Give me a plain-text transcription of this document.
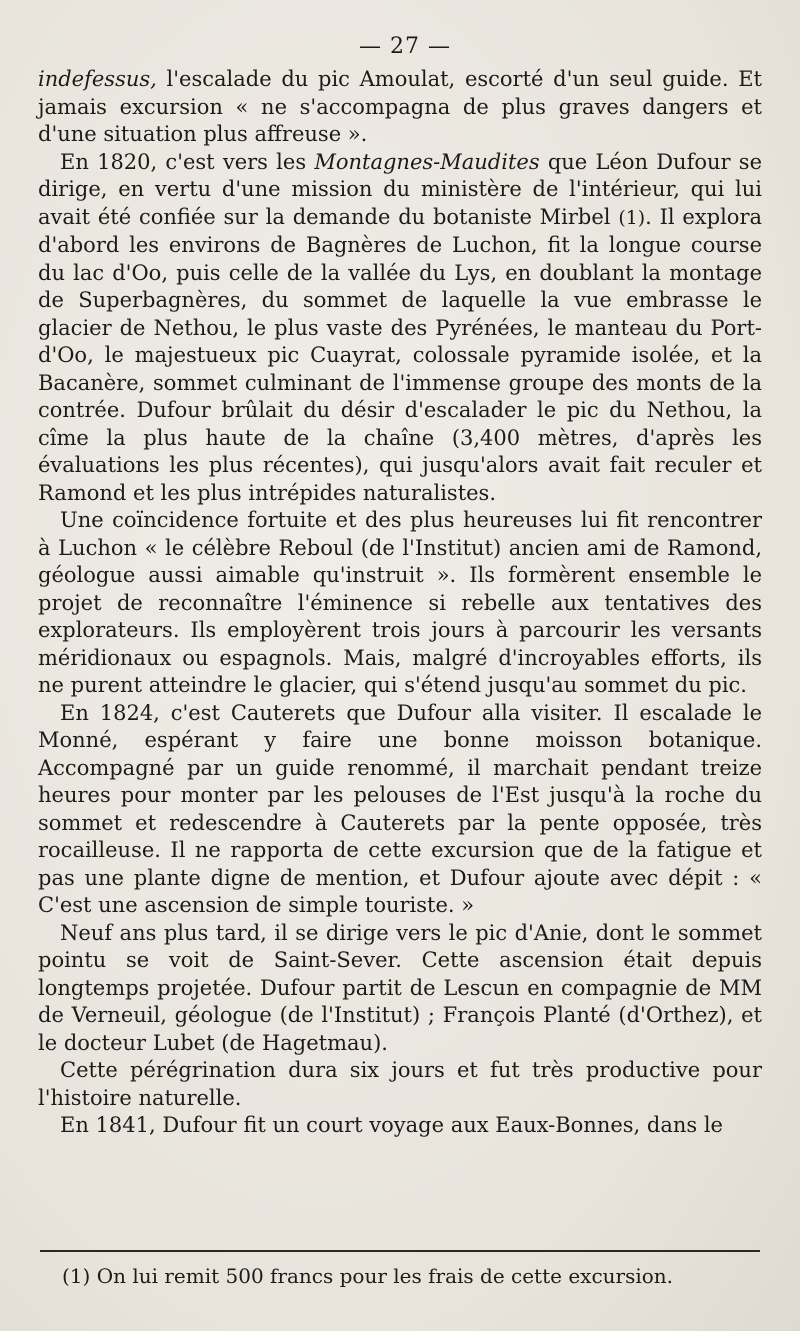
— 27 —

indefessus, l'escalade du pic Amoulat, escorté d'un seul guide. Et jamais excursion « ne s'accompagna de plus graves dangers et d'une situation plus affreuse ».

En 1820, c'est vers les Montagnes-Maudites que Léon Dufour se dirige, en vertu d'une mission du ministère de l'intérieur, qui lui avait été confiée sur la demande du botaniste Mirbel (1). Il explora d'abord les environs de Bagnères de Luchon, fit la longue course du lac d'Oo, puis celle de la vallée du Lys, en doublant la montage de Superbagnères, du sommet de laquelle la vue embrasse le glacier de Nethou, le plus vaste des Pyrénées, le manteau du Port-d'Oo, le majestueux pic Cuayrat, colossale pyramide isolée, et la Bacanère, sommet culminant de l'immense groupe des monts de la contrée. Dufour brûlait du désir d'escalader le pic du Nethou, la cîme la plus haute de la chaîne (3,400 mètres, d'après les évaluations les plus récentes), qui jusqu'alors avait fait reculer et Ramond et les plus intrépides naturalistes.

Une coïncidence fortuite et des plus heureuses lui fit rencontrer à Luchon « le célèbre Reboul (de l'Institut) ancien ami de Ramond, géologue aussi aimable qu'instruit ». Ils formèrent ensemble le projet de reconnaître l'éminence si rebelle aux tentatives des explorateurs. Ils employèrent trois jours à parcourir les versants méridionaux ou espagnols. Mais, malgré d'incroyables efforts, ils ne purent atteindre le glacier, qui s'étend jusqu'au sommet du pic.

En 1824, c'est Cauterets que Dufour alla visiter. Il escalade le Monné, espérant y faire une bonne moisson botanique. Accompagné par un guide renommé, il marchait pendant treize heures pour monter par les pelouses de l'Est jusqu'à la roche du sommet et redescendre à Cauterets par la pente opposée, très rocailleuse. Il ne rapporta de cette excursion que de la fatigue et pas une plante digne de mention, et Dufour ajoute avec dépit : « C'est une ascension de simple touriste. »

Neuf ans plus tard, il se dirige vers le pic d'Anie, dont le sommet pointu se voit de Saint-Sever. Cette ascension était depuis longtemps projetée. Dufour partit de Lescun en compagnie de MM de Verneuil, géologue (de l'Institut) ; François Planté (d'Orthez), et le docteur Lubet (de Hagetmau).

Cette pérégrination dura six jours et fut très productive pour l'histoire naturelle.

En 1841, Dufour fit un court voyage aux Eaux-Bonnes, dans le

(1) On lui remit 500 francs pour les frais de cette excursion.
